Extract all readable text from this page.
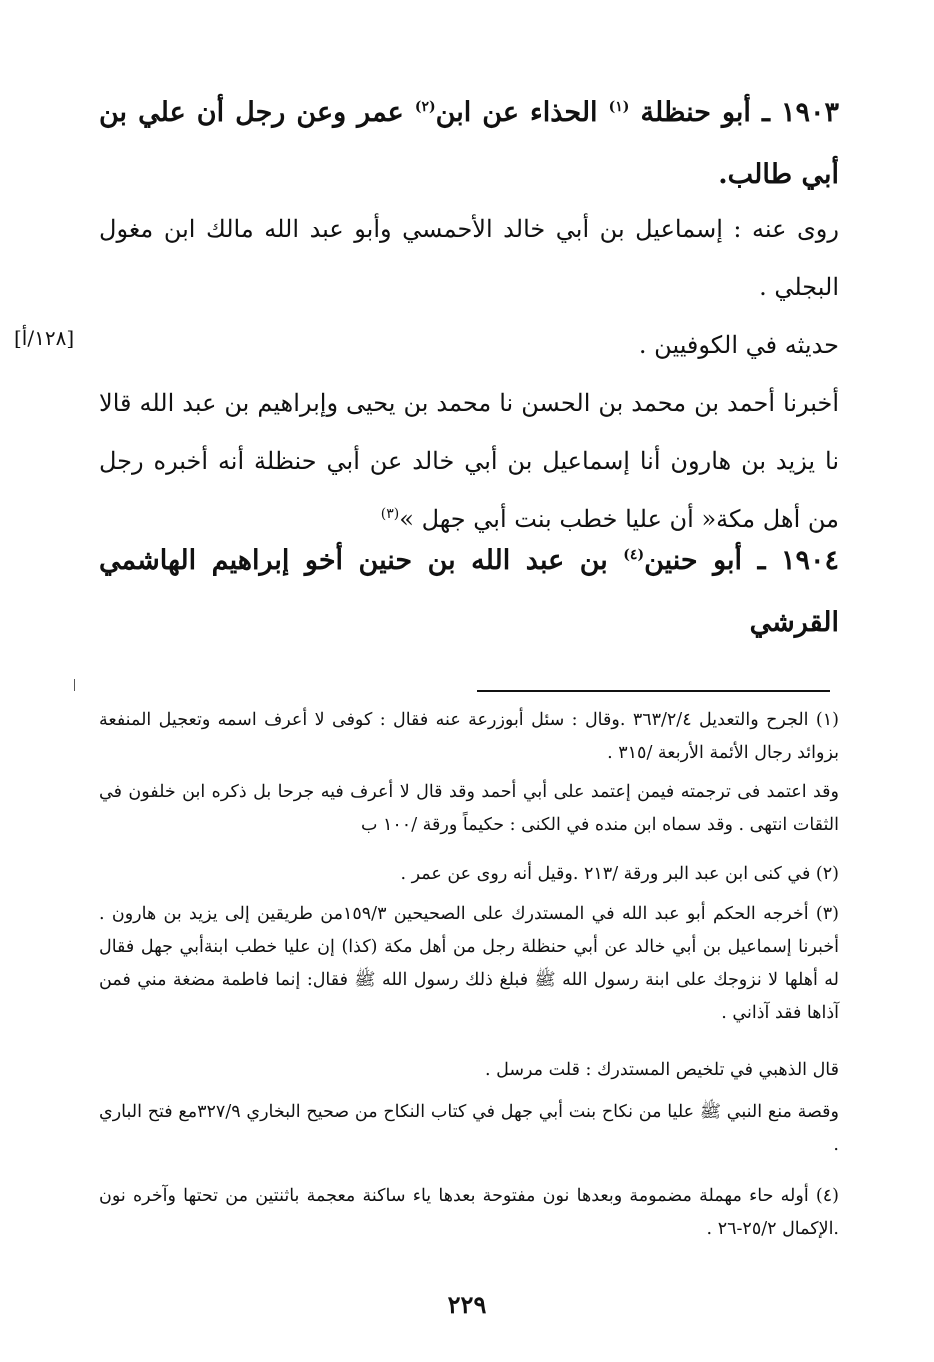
١٩٠٣ ـ أبو حنظلة $^{(١)}$ الحذاء عن ابن$^{(٢)}$ عمر وعن رجل أن علي بن أبي طالب.
روى عنه : إسماعيل بن أبي خالد الأحمسي وأبو عبد الله مالك ابن مغول البجلي .
حديثه في الكوفيين .
[١٢٨/أ]
أخبرنا أحمد بن محمد بن الحسن نا محمد بن يحيى وإبراهيم بن عبد الله قالا نا يزيد بن هارون أنا إسماعيل بن أبي خالد عن أبي حنظلة أنه أخبره رجل من أهل مكة« أن عليا خطب بنت أبي جهل »$^{(٣)}$
١٩٠٤ ـ أبو حنين$^{(٤)}$ بن عبد الله بن حنين أخو إبراهيم الهاشمي القرشي
(١) الجرح والتعديل ٣٦٣/٢/٤ .وقال : سئل أبوزرعة عنه فقال : كوفى لا أعرف اسمه وتعجيل المنفعة بزوائد رجال الأئمة الأربعة /٣١٥ .
وقد اعتمد فى ترجمته فيمن إعتمد على أبي أحمد وقد قال لا أعرف فيه جرحا بل ذكره ابن خلفون في الثقات انتهى . وقد سماه ابن منده في الكنى : حكيماً ورقة /١٠٠ ب
(٢) في كنى ابن عبد البر ورقة /٢١٣ .وقيل أنه روى عن عمر .
(٣) أخرجه الحكم أبو عبد الله في المستدرك على الصحيحين ١٥٩/٣من طريقين إلى يزيد بن هارون . أخبرنا إسماعيل بن أبي خالد عن أبي حنظلة رجل من أهل مكة (كذا) إن عليا خطب ابنةأبي جهل فقال له أهلها لا نزوجك على ابنة رسول الله ﷺ فبلغ ذلك رسول الله ﷺ فقال: إنما فاطمة مضغة مني فمن آذاها فقد آذاني .
قال الذهبي في تلخيص المستدرك : قلت مرسل .
وقصة منع النبي ﷺ عليا من نكاح بنت أبي جهل في كتاب النكاح من صحيح البخاري ٣٢٧/٩مع فتح الباري .
(٤) أوله حاء مهملة مضمومة وبعدها نون مفتوحة بعدها ياء ساكنة معجمة باثنتين من تحتها وآخره نون .الإكمال ٢٥/٢-٢٦ .
٢٢٩
